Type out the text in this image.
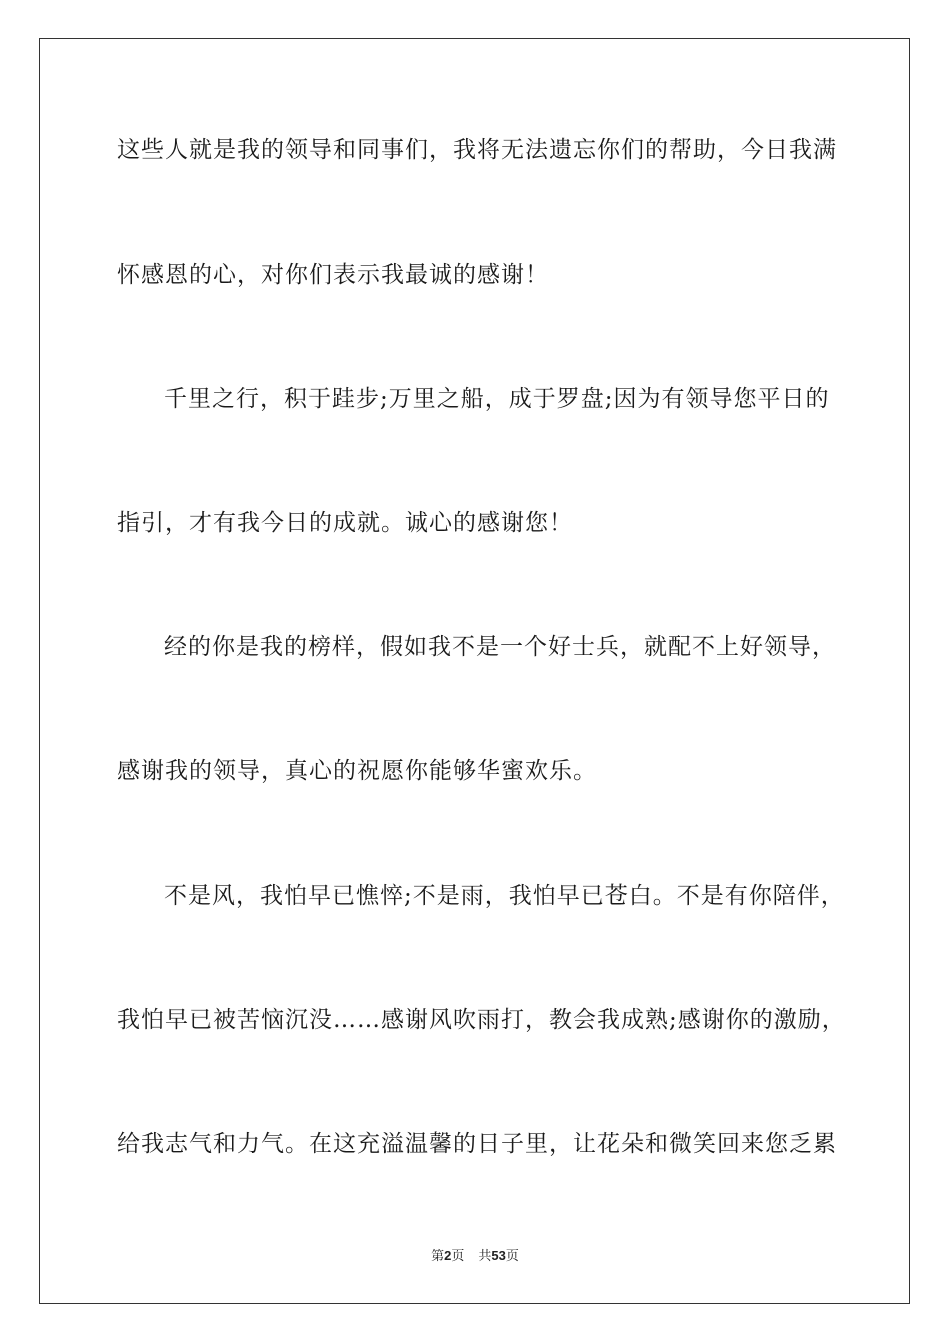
这些人就是我的领导和同事们，我将无法遗忘你们的帮助，今日我满
怀感恩的心，对你们表示我最诚的感谢！
千里之行，积于跬步;万里之船，成于罗盘;因为有领导您平日的
指引，才有我今日的成就。诚心的感谢您！
经的你是我的榜样，假如我不是一个好士兵，就配不上好领导，
感谢我的领导，真心的祝愿你能够华蜜欢乐。
不是风，我怕早已憔悴;不是雨，我怕早已苍白。不是有你陪伴，
我怕早已被苦恼沉没……感谢风吹雨打，教会我成熟;感谢你的激励，
给我志气和力气。在这充溢温馨的日子里，让花朵和微笑回来您乏累
第2页 共53页
